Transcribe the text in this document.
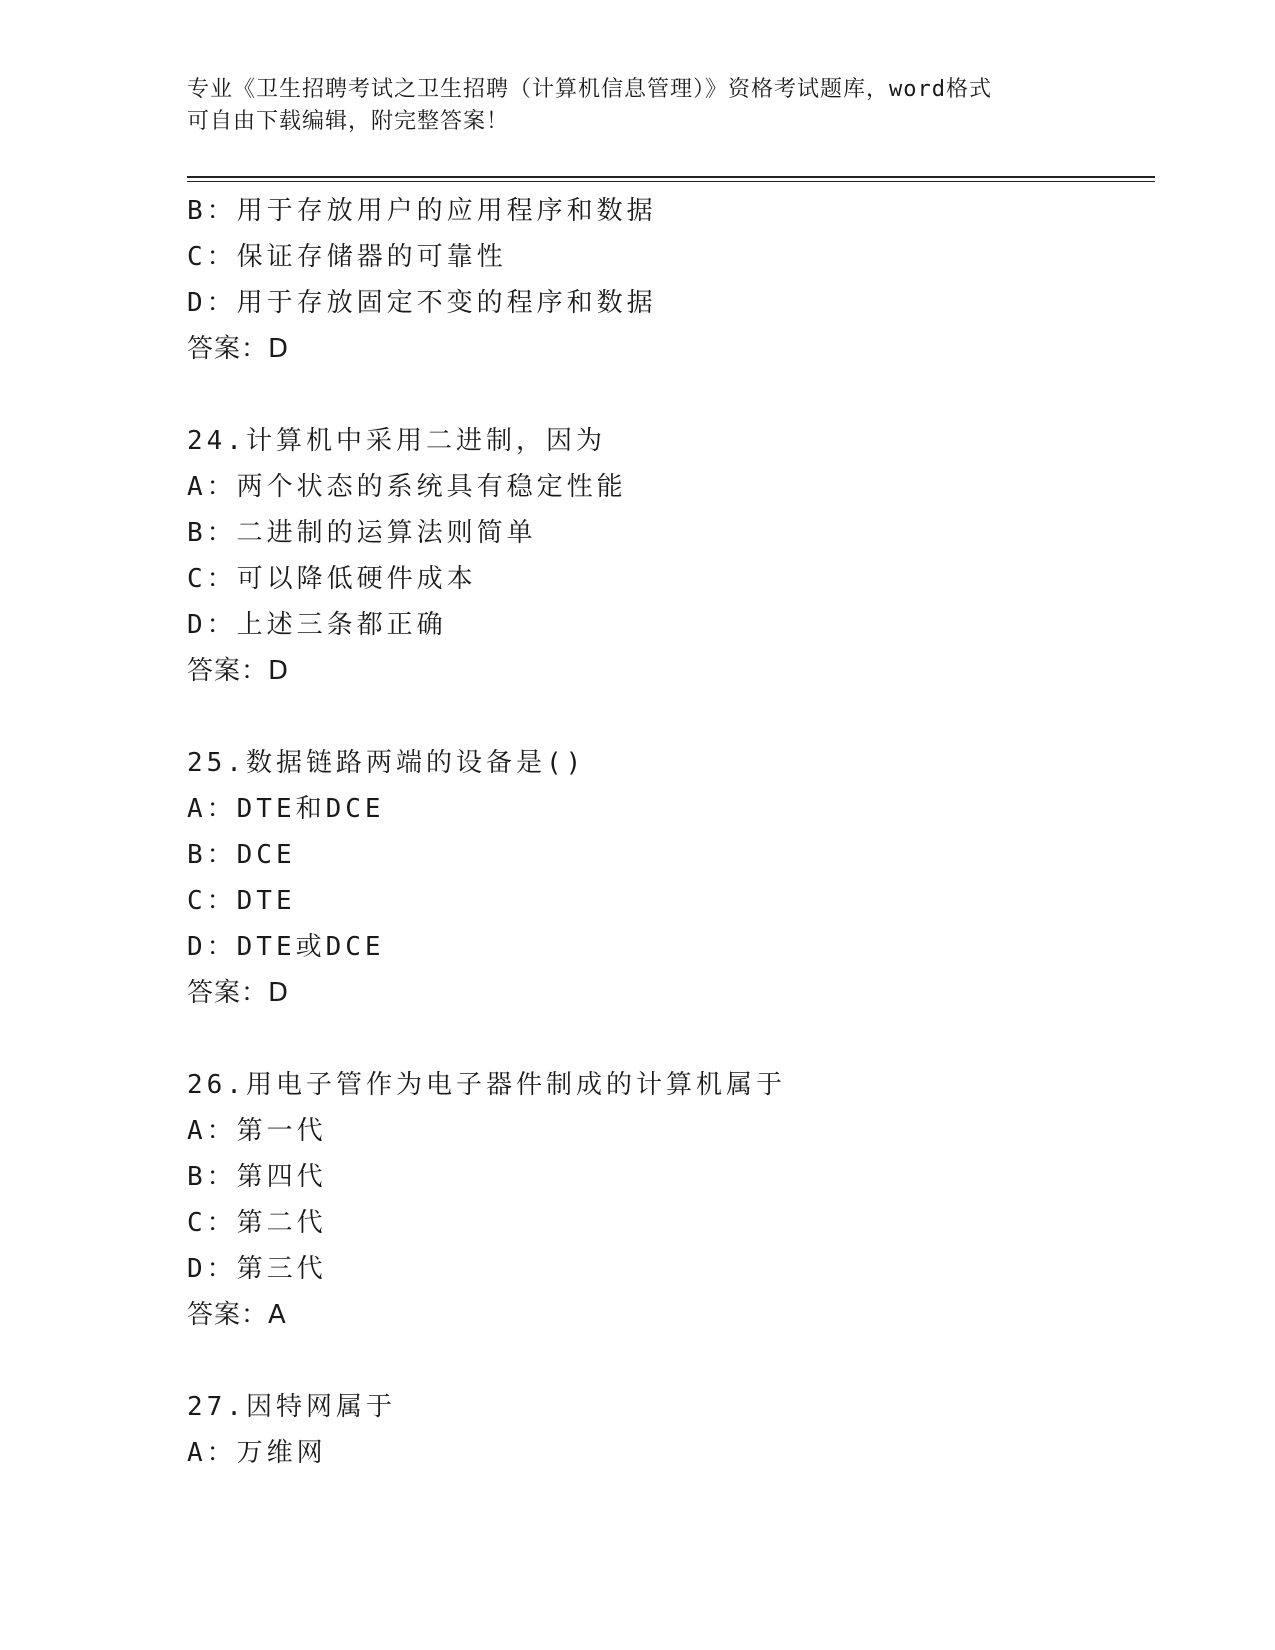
专业《卫生招聘考试之卫生招聘（计算机信息管理）》资格考试题库，word格式
可自由下载编辑，附完整答案！
B：用于存放用户的应用程序和数据
C：保证存储器的可靠性
D：用于存放固定不变的程序和数据
答案：D
24.计算机中采用二进制，因为
A：两个状态的系统具有稳定性能
B：二进制的运算法则简单
C：可以降低硬件成本
D：上述三条都正确
答案：D
25.数据链路两端的设备是()
A：DTE和DCE
B：DCE
C：DTE
D：DTE或DCE
答案：D
26.用电子管作为电子器件制成的计算机属于
A：第一代
B：第四代
C：第二代
D：第三代
答案：A
27.因特网属于
A：万维网
